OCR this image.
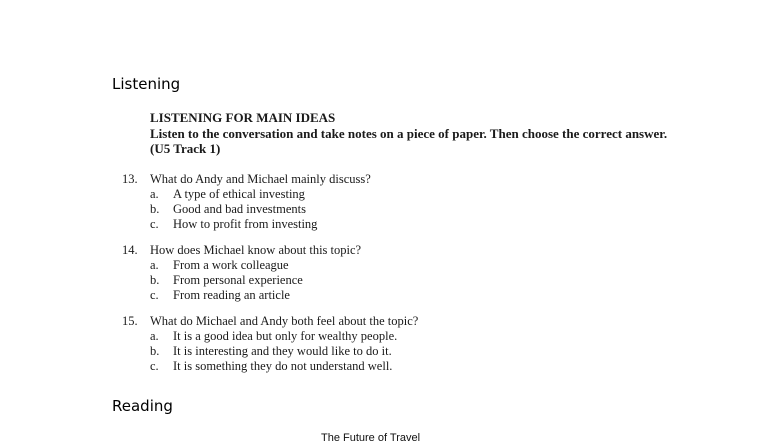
Listening
LISTENING FOR MAIN IDEAS
Listen to the conversation and take notes on a piece of paper. Then choose the correct answer. (U5 Track 1)
13. What do Andy and Michael mainly discuss?
a. A type of ethical investing
b. Good and bad investments
c. How to profit from investing
14. How does Michael know about this topic?
a. From a work colleague
b. From personal experience
c. From reading an article
15. What do Michael and Andy both feel about the topic?
a. It is a good idea but only for wealthy people.
b. It is interesting and they would like to do it.
c. It is something they do not understand well.
Reading
The Future of Travel
